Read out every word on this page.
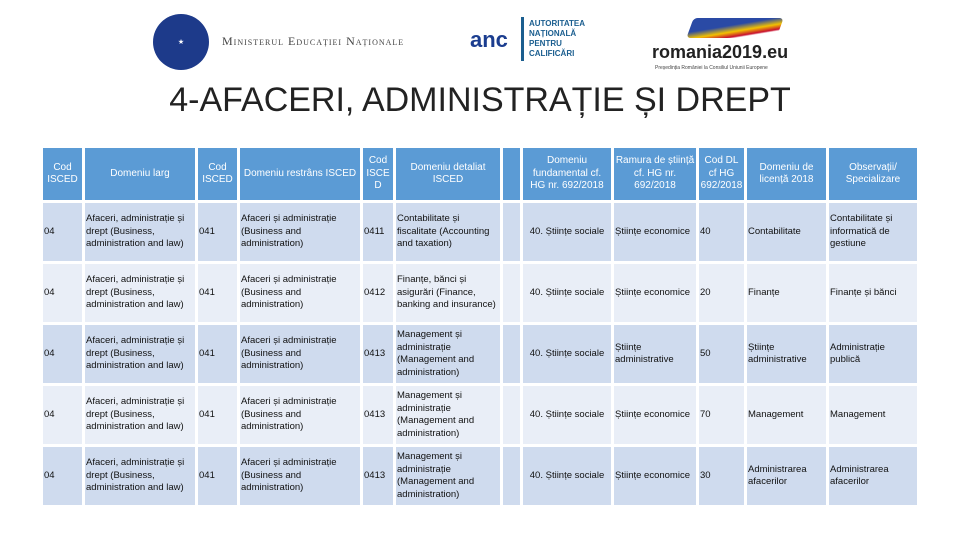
★	Ministerul Educației Naționale	anc
AUTORITATEA NAȚIONALĂ PENTRU CALIFICĂRI	romania2019.eu
Președinția României la Consiliul Uniunii Europene
4-AFACERI, ADMINISTRAȚIE ȘI DREPT
Cod ISCED	Domeniu larg	Cod ISCED	Domeniu restrâns ISCED	Cod ISCED	Domeniu detaliat ISCED		Domeniu fundamental cf. HG nr. 692/2018	Ramura de știință cf. HG nr. 692/2018	Cod DL cf HG 692/2018	Domeniu de licență 2018	Observații/ Specializare
04	Afaceri, administrație și drept (Business, administration and law)	041	Afaceri și administrație (Business and administration)	0411	Contabilitate și fiscalitate (Accounting and taxation)		40. Științe sociale	Științe economice	40	Contabilitate	Contabilitate și informatică de gestiune
04	Afaceri, administrație și drept (Business, administration and law)	041	Afaceri și administrație (Business and administration)	0412	Finanțe, bănci și asigurări (Finance, banking and insurance)		40. Științe sociale	Științe economice	20	Finanțe	Finanțe și bănci
04	Afaceri, administrație și drept (Business, administration and law)	041	Afaceri și administrație (Business and administration)	0413	Management și administrație (Management and administration)		40. Științe sociale	Științe administrative	50	Științe administrative	Administrație publică
04	Afaceri, administrație și drept (Business, administration and law)	041	Afaceri și administrație (Business and administration)	0413	Management și administrație (Management and administration)		40. Științe sociale	Științe economice	70	Management	Management
04	Afaceri, administrație și drept (Business, administration and law)	041	Afaceri și administrație (Business and administration)	0413	Management și administrație (Management and administration)		40. Științe sociale	Științe economice	30	Administrarea afacerilor	Administrarea afacerilor
